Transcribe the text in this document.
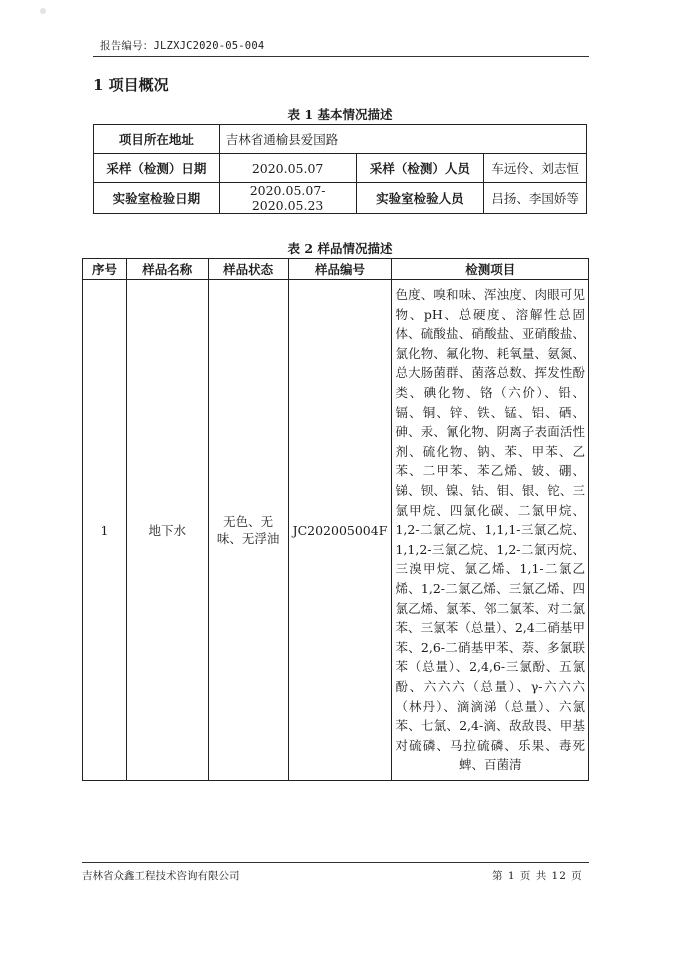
报告编号：JLZXJC2020-05-004
1 项目概况
表 1 基本情况描述
项目所在地址	吉林省通榆县爱国路		
采样（检测）日期	2020.05.07	采样（检测）人员	车远伶、刘志恒
实验室检验日期	2020.05.07-2020.05.23	实验室检验人员	吕扬、李国娇等
表 2 样品情况描述
序号	样品名称	样品状态	样品编号	检测项目
1	地下水	无色、无味、无浮油	JC202005004F	色度、嗅和味、浑浊度、肉眼可见物、pH、总硬度、溶解性总固体、硫酸盐、硝酸盐、亚硝酸盐、氯化物、氟化物、耗氧量、氨氮、总大肠菌群、菌落总数、挥发性酚类、碘化物、铬（六价）、铅、镉、铜、锌、铁、锰、铝、硒、砷、汞、氰化物、阴离子表面活性剂、硫化物、钠、苯、甲苯、乙苯、二甲苯、苯乙烯、铍、硼、锑、钡、镍、钴、钼、银、铊、三氯甲烷、四氯化碳、二氯甲烷、1,2-二氯乙烷、1,1,1-三氯乙烷、1,1,2-三氯乙烷、1,2-二氯丙烷、三溴甲烷、氯乙烯、1,1-二氯乙烯、1,2-二氯乙烯、三氯乙烯、四氯乙烯、氯苯、邻二氯苯、对二氯苯、三氯苯（总量）、2,4二硝基甲苯、2,6-二硝基甲苯、萘、多氯联苯（总量）、2,4,6-三氯酚、五氯酚、六六六（总量）、γ-六六六（林丹）、滴滴涕（总量）、六氯苯、七氯、2,4-滴、敌敌畏、甲基对硫磷、马拉硫磷、乐果、毒死蜱、百菌清
吉林省众鑫工程技术咨询有限公司	第 1 页 共 12 页
